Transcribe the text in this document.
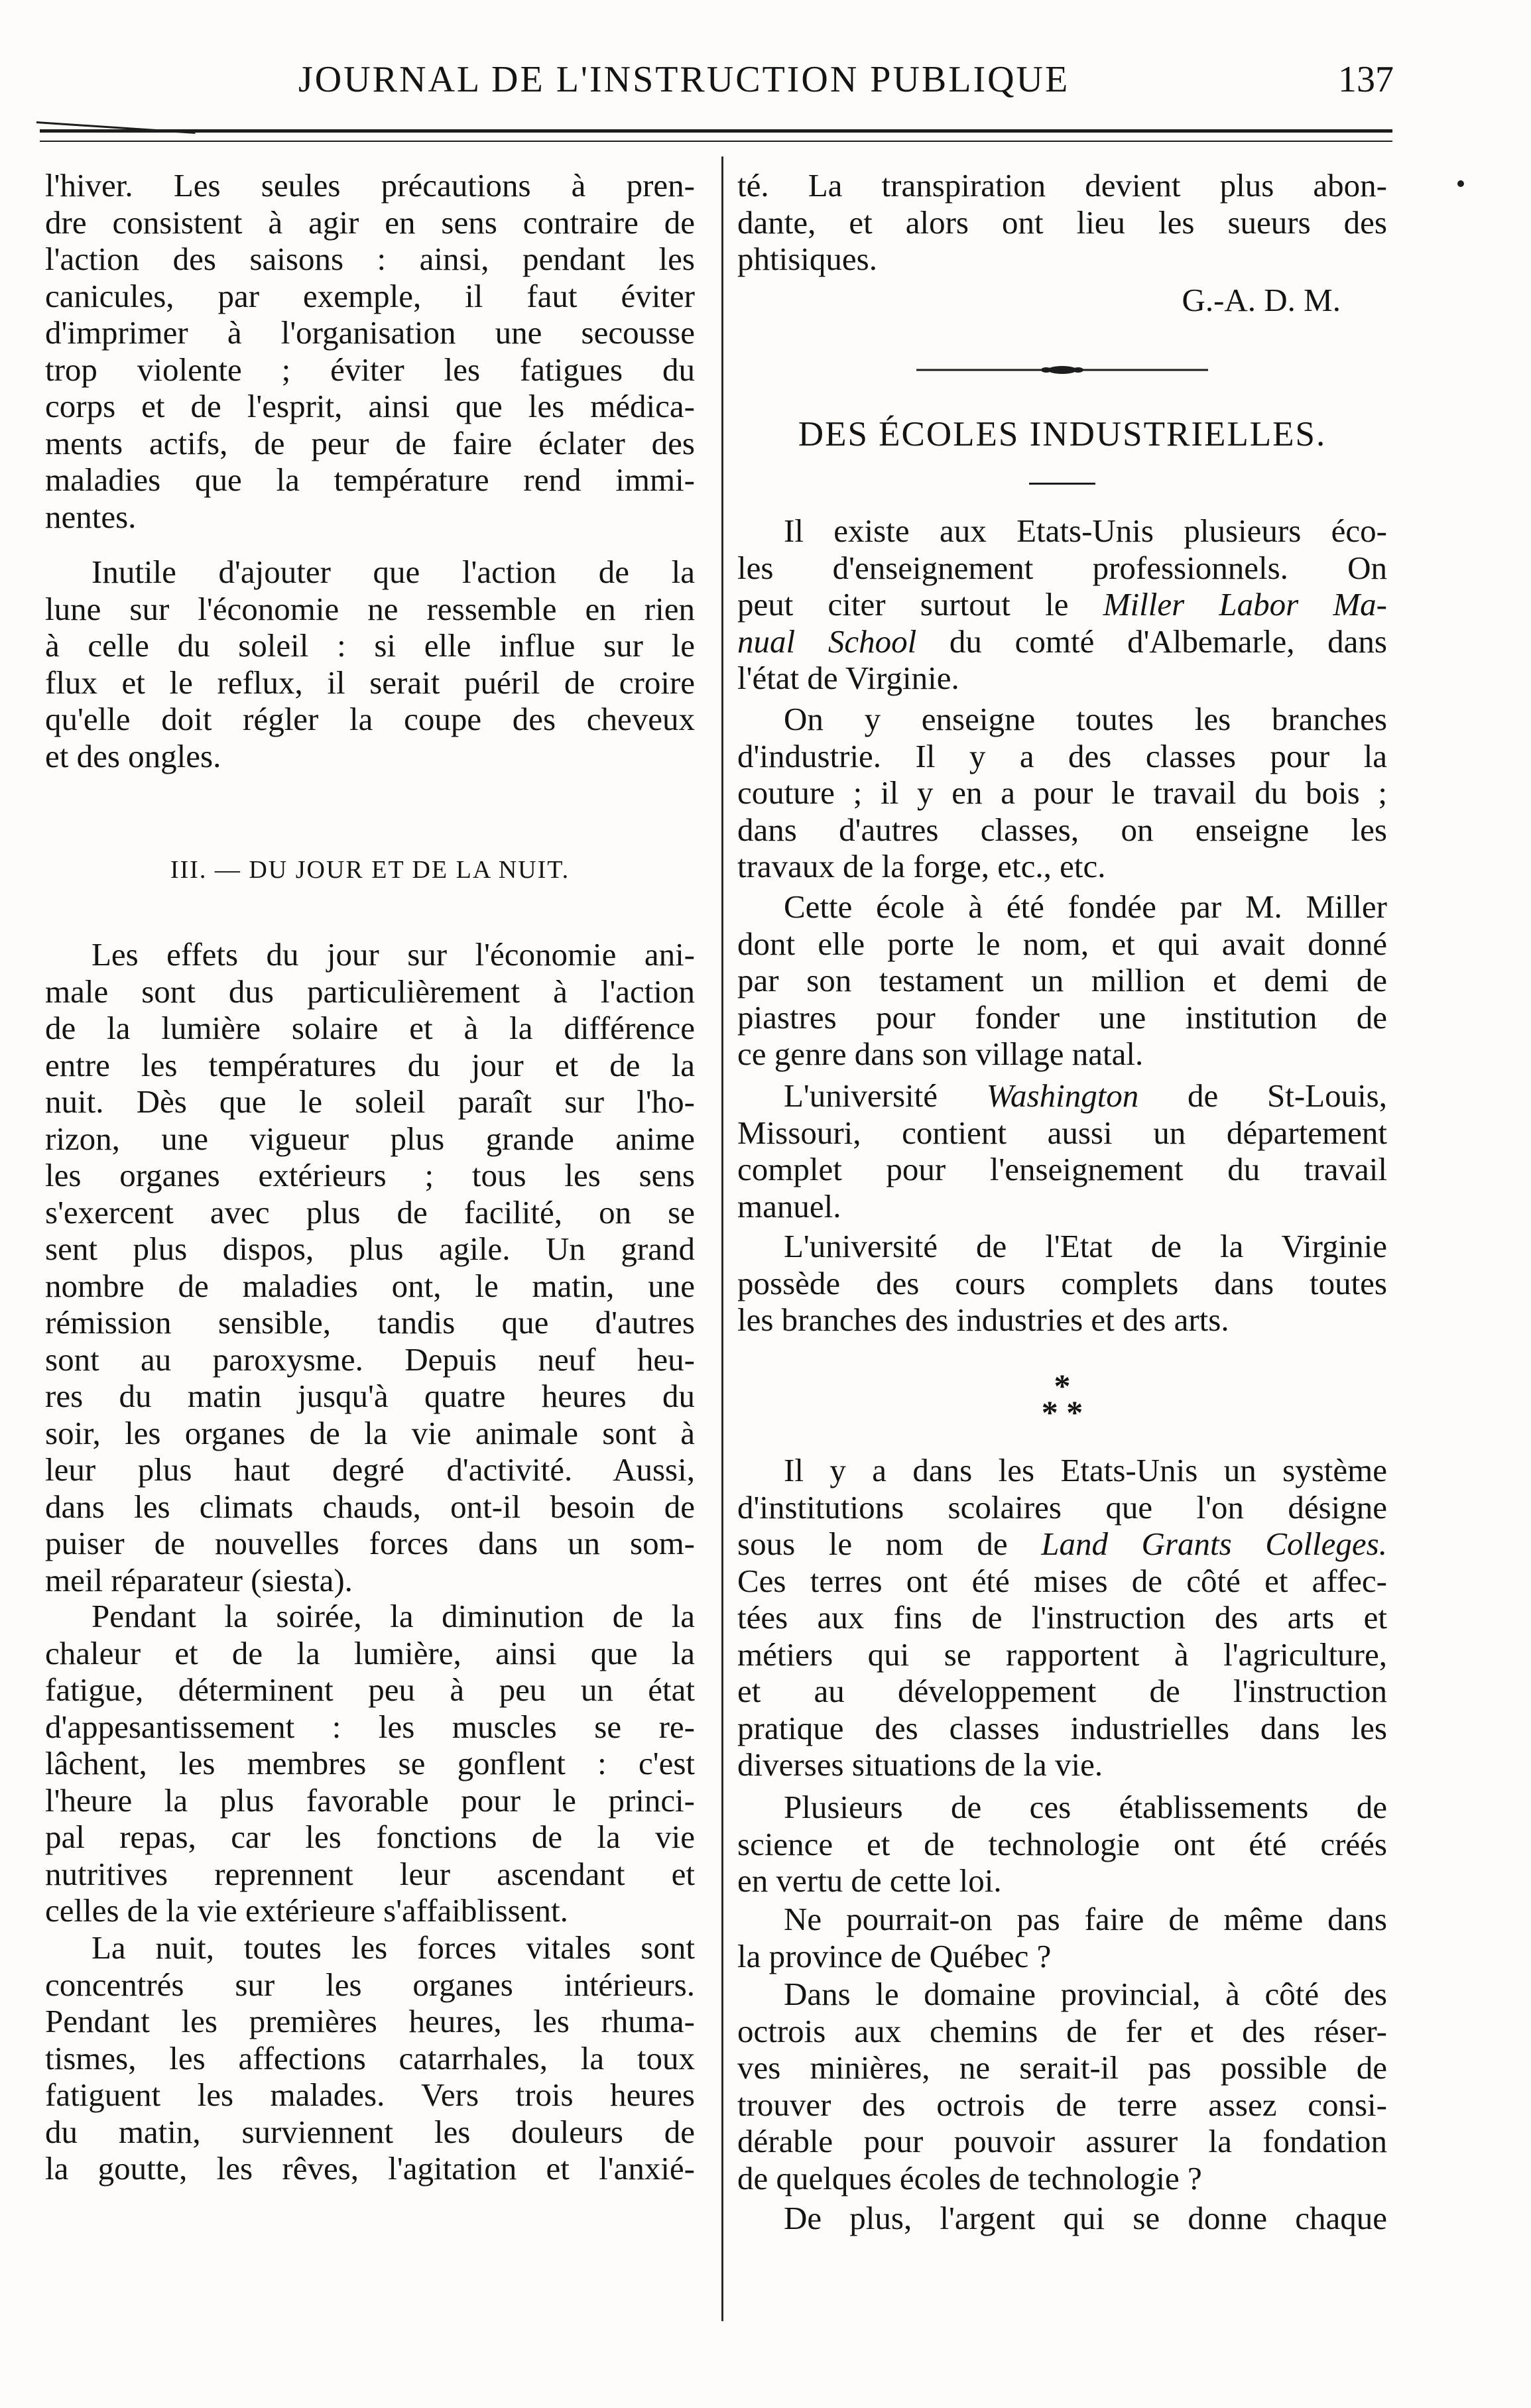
JOURNAL DE L'INSTRUCTION PUBLIQUE	137
l'hiver. Les seules précautions à pren-
dre consistent à agir en sens contraire de
l'action des saisons : ainsi, pendant les
canicules, par exemple, il faut éviter
d'imprimer à l'organisation une secousse
trop violente ; éviter les fatigues du
corps et de l'esprit, ainsi que les médica-
ments actifs, de peur de faire éclater des
maladies que la température rend immi-
nentes.
Inutile d'ajouter que l'action de la
lune sur l'économie ne ressemble en rien
à celle du soleil : si elle influe sur le
flux et le reflux, il serait puéril de croire
qu'elle doit régler la coupe des cheveux
et des ongles.
III. — DU JOUR ET DE LA NUIT.
Les effets du jour sur l'économie ani-
male sont dus particulièrement à l'action
de la lumière solaire et à la différence
entre les températures du jour et de la
nuit. Dès que le soleil paraît sur l'ho-
rizon, une vigueur plus grande anime
les organes extérieurs ; tous les sens
s'exercent avec plus de facilité, on se
sent plus dispos, plus agile. Un grand
nombre de maladies ont, le matin, une
rémission sensible, tandis que d'autres
sont au paroxysme. Depuis neuf heu-
res du matin jusqu'à quatre heures du
soir, les organes de la vie animale sont à
leur plus haut degré d'activité. Aussi,
dans les climats chauds, ont-il besoin de
puiser de nouvelles forces dans un som-
meil réparateur (siesta).
Pendant la soirée, la diminution de la
chaleur et de la lumière, ainsi que la
fatigue, déterminent peu à peu un état
d'appesantissement : les muscles se re-
lâchent, les membres se gonflent : c'est
l'heure la plus favorable pour le princi-
pal repas, car les fonctions de la vie
nutritives reprennent leur ascendant et
celles de la vie extérieure s'affaiblissent.
La nuit, toutes les forces vitales sont
concentrés sur les organes intérieurs.
Pendant les premières heures, les rhuma-
tismes, les affections catarrhales, la toux
fatiguent les malades. Vers trois heures
du matin, surviennent les douleurs de
la goutte, les rêves, l'agitation et l'anxié-
té. La transpiration devient plus abon-
dante, et alors ont lieu les sueurs des
phtisiques.
G.-A. D. M.
DES ÉCOLES INDUSTRIELLES.
Il existe aux Etats-Unis plusieurs éco-
les d'enseignement professionnels. On
peut citer surtout le Miller Labor Ma-
nual School du comté d'Albemarle, dans
l'état de Virginie.
On y enseigne toutes les branches
d'industrie. Il y a des classes pour la
couture ; il y en a pour le travail du bois ;
dans d'autres classes, on enseigne les
travaux de la forge, etc., etc.
Cette école à été fondée par M. Miller
dont elle porte le nom, et qui avait donné
par son testament un million et demi de
piastres pour fonder une institution de
ce genre dans son village natal.
L'université Washington de St-Louis,
Missouri, contient aussi un département
complet pour l'enseignement du travail
manuel.
L'université de l'Etat de la Virginie
possède des cours complets dans toutes
les branches des industries et des arts.
*
* *
Il y a dans les Etats-Unis un système
d'institutions scolaires que l'on désigne
sous le nom de Land Grants Colleges.
Ces terres ont été mises de côté et affec-
tées aux fins de l'instruction des arts et
métiers qui se rapportent à l'agriculture,
et au développement de l'instruction
pratique des classes industrielles dans les
diverses situations de la vie.
Plusieurs de ces établissements de
science et de technologie ont été créés
en vertu de cette loi.
Ne pourrait-on pas faire de même dans
la province de Québec ?
Dans le domaine provincial, à côté des
octrois aux chemins de fer et des réser-
ves minières, ne serait-il pas possible de
trouver des octrois de terre assez consi-
dérable pour pouvoir assurer la fondation
de quelques écoles de technologie ?
De plus, l'argent qui se donne chaque
